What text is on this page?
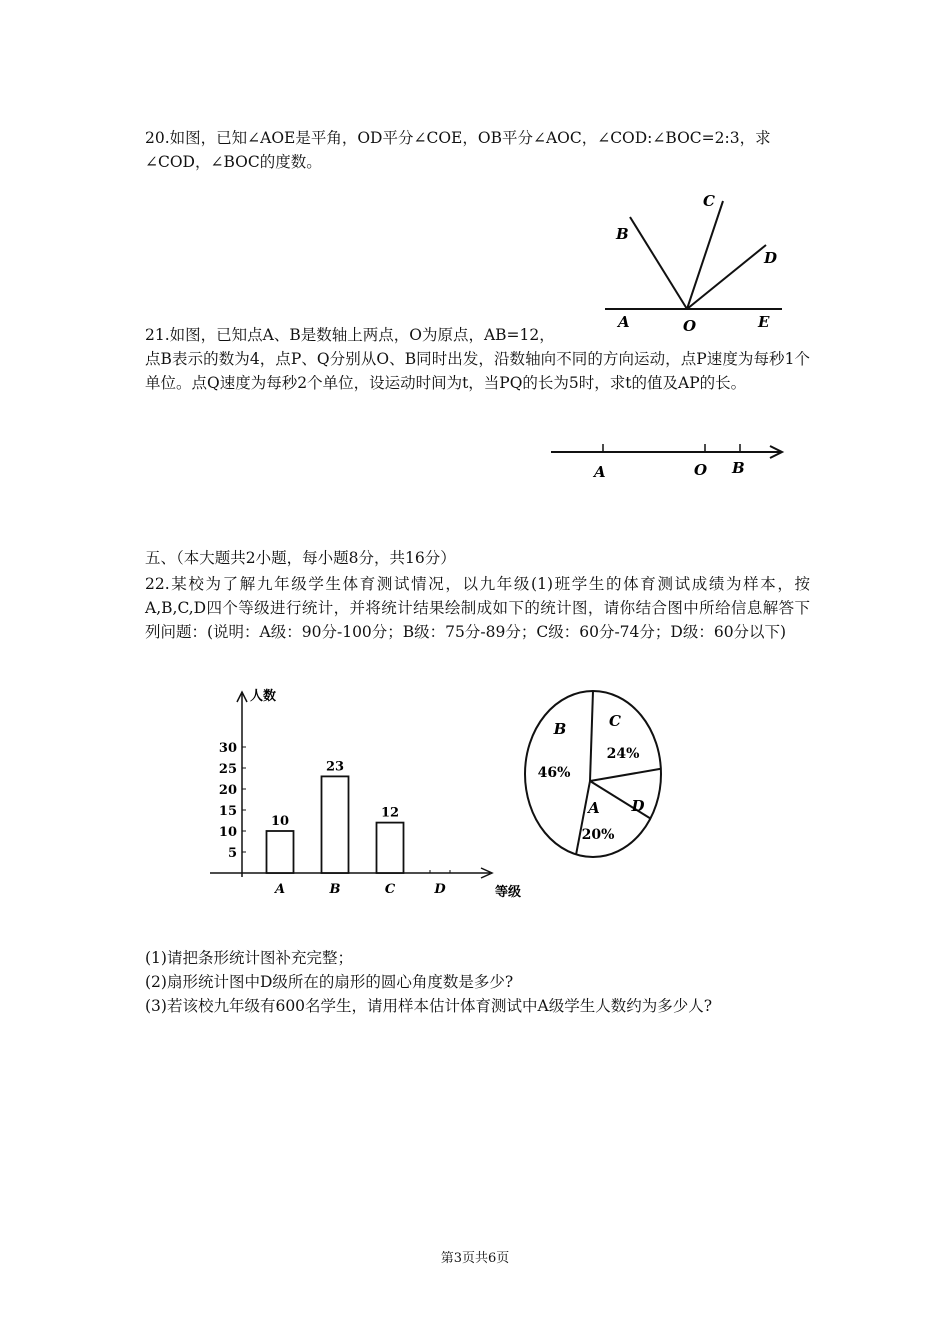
20.如图，已知∠AOE是平角，OD平分∠COE，OB平分∠AOC，∠COD:∠BOC=2:3，求
∠COD，∠BOC的度数。
A	O	E
B
C
D
21.如图，已知点A、B是数轴上两点，O为原点，AB=12，
点B表示的数为4，点P、Q分别从O、B同时出发，沿数轴向不同的方向运动，点P速度为每秒1个单位。点Q速度为每秒2个单位，设运动时间为t，当PQ的长为5时，求t的值及AP的长。
A	O B
五、（本大题共2小题，每小题8分，共16分）
22.某校为了解九年级学生体育测试情况，以九年级(1)班学生的体育测试成绩为样本，按A,B,C,D四个等级进行统计，并将统计结果绘制成如下的统计图，请你结合图中所给信息解答下列问题：(说明：A级：90分-100分；B级：75分-89分；C级：60分-74分；D级：60分以下)
人数
等级
5
10
15
20
25
30
10
A
23
B
12
C	D
C
24%
D
A
20%
B
46%
(1)请把条形统计图补充完整；
(2)扇形统计图中D级所在的扇形的圆心角度数是多少?
(3)若该校九年级有600名学生，请用样本估计体育测试中A级学生人数约为多少人?
第3页共6页
